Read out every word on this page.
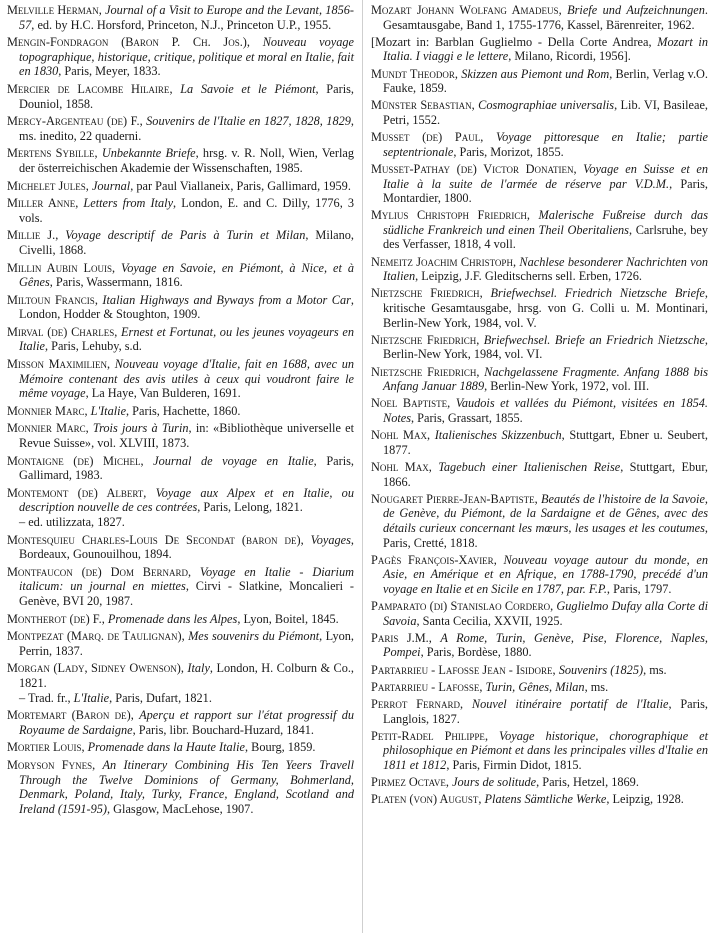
Melville Herman, Journal of a Visit to Europe and the Levant, 1856-57, ed. by H.C. Horsford, Princeton, N.J., Princeton U.P., 1955.
Mengin-Fondragon (Baron P. Ch. Jos.), Nouveau voyage topographique, historique, critique, politique et moral en Italie, fait en 1830, Paris, Meyer, 1833.
Mercier de Lacombe Hilaire, La Savoie et le Piémont, Paris, Douniol, 1858.
Mercy-Argenteau (de) F., Souvenirs de l'Italie en 1827, 1828, 1829, ms. inedito, 22 quaderni.
Mertens Sybille, Unbekannte Briefe, hrsg. v. R. Noll, Wien, Verlag der österreichischen Akademie der Wissenschaften, 1985.
Michelet Jules, Journal, par Paul Viallaneix, Paris, Gallimard, 1959.
Miller Anne, Letters from Italy, London, E. and C. Dilly, 1776, 3 vols.
Millie J., Voyage descriptif de Paris à Turin et Milan, Milano, Civelli, 1868.
Millin Aubin Louis, Voyage en Savoie, en Piémont, à Nice, et à Gênes, Paris, Wassermann, 1816.
Miltoun Francis, Italian Highways and Byways from a Motor Car, London, Hodder & Stoughton, 1909.
Mirval (de) Charles, Ernest et Fortunat, ou les jeunes voyageurs en Italie, Paris, Lehuby, s.d.
Misson Maximilien, Nouveau voyage d'Italie, fait en 1688, avec un Mémoire contenant des avis utiles à ceux qui voudront faire le même voyage, La Haye, Van Bulderen, 1691.
Monnier Marc, L'Italie, Paris, Hachette, 1860.
Monnier Marc, Trois jours à Turin, in: «Bibliothèque universelle et Revue Suisse», vol. XLVIII, 1873.
Montaigne (de) Michel, Journal de voyage en Italie, Paris, Gallimard, 1983.
Montemont (de) Albert, Voyage aux Alpex et en Italie, ou description nouvelle de ces contrées, Paris, Lelong, 1821.
– ed. utilizzata, 1827.
Montesquieu Charles-Louis De Secondat (baron de), Voyages, Bordeaux, Gounouilhou, 1894.
Montfaucon (de) Dom Bernard, Voyage en Italie - Diarium italicum: un journal en miettes, Cirvi - Slatkine, Moncalieri - Genève, BVI 20, 1987.
Montherot (de) F., Promenade dans les Alpes, Lyon, Boitel, 1845.
Montpezat (Marq. de Taulignan), Mes souvenirs du Piémont, Lyon, Perrin, 1837.
Morgan (Lady, Sidney Owenson), Italy, London, H. Colburn & Co., 1821.
– Trad. fr., L'Italie, Paris, Dufart, 1821.
Mortemart (Baron de), Aperçu et rapport sur l'état progressif du Royaume de Sardaigne, Paris, libr. Bouchard-Huzard, 1841.
Mortier Louis, Promenade dans la Haute Italie, Bourg, 1859.
Moryson Fynes, An Itinerary Combining His Ten Yeers Travell Through the Twelve Dominions of Germany, Bohmerland, Denmark, Poland, Italy, Turky, France, England, Scotland and Ireland (1591-95), Glasgow, MacLehose, 1907.
Mozart Johann Wolfang Amadeus, Briefe und Aufzeichnungen. Gesamtausgabe, Band 1, 1755-1776, Kassel, Bärenreiter, 1962.
[Mozart in: Barblan Guglielmo - Della Corte Andrea, Mozart in Italia. I viaggi e le lettere, Milano, Ricordi, 1956].
Mundt Theodor, Skizzen aus Piemont und Rom, Berlin, Verlag v.O. Fauke, 1859.
Münster Sebastian, Cosmographiae universalis, Lib. VI, Basileae, Petri, 1552.
Musset (de) Paul, Voyage pittoresque en Italie; partie septentrionale, Paris, Morizot, 1855.
Musset-Pathay (de) Victor Donatien, Voyage en Suisse et en Italie à la suite de l'armée de réserve par V.D.M., Paris, Montardier, 1800.
Mylius Christoph Friedrich, Malerische Fußreise durch das südliche Frankreich und einen Theil Oberitaliens, Carlsruhe, bey des Verfasser, 1818, 4 voll.
Nemeitz Joachim Christoph, Nachlese besonderer Nachrichten von Italien, Leipzig, J.F. Gleditscherns sell. Erben, 1726.
Nietzsche Friedrich, Briefwechsel. Friedrich Nietzsche Briefe, kritische Gesamtausgabe, hrsg. von G. Colli u. M. Montinari, Berlin-New York, 1984, vol. V.
Nietzsche Friedrich, Briefwechsel. Briefe an Friedrich Nietzsche, Berlin-New York, 1984, vol. VI.
Nietzsche Friedrich, Nachgelassene Fragmente. Anfang 1888 bis Anfang Januar 1889, Berlin-New York, 1972, vol. III.
Noel Baptiste, Vaudois et vallées du Piémont, visitées en 1854. Notes, Paris, Grassart, 1855.
Nohl Max, Italienisches Skizzenbuch, Stuttgart, Ebner u. Seubert, 1877.
Nohl Max, Tagebuch einer Italienischen Reise, Stuttgart, Ebur, 1866.
Nougaret Pierre-Jean-Baptiste, Beautés de l'histoire de la Savoie, de Genève, du Piémont, de la Sardaigne et de Gênes, avec des détails curieux concernant les mœurs, les usages et les coutumes, Paris, Cretté, 1818.
Pagès François-Xavier, Nouveau voyage autour du monde, en Asie, en Amérique et en Afrique, en 1788-1790, precédé d'un voyage en Italie et en Sicile en 1787, par. F.P., Paris, 1797.
Pamparato (di) Stanislao Cordero, Guglielmo Dufay alla Corte di Savoia, Santa Cecilia, XXVII, 1925.
Paris J.M., A Rome, Turin, Genève, Pise, Florence, Naples, Pompei, Paris, Bordèse, 1880.
Partarrieu - Lafosse Jean - Isidore, Souvenirs (1825), ms.
Partarrieu - Lafosse, Turin, Gênes, Milan, ms.
Perrot Fernard, Nouvel itinéraire portatif de l'Italie, Paris, Langlois, 1827.
Petit-Radel Philippe, Voyage historique, chorographique et philosophique en Piémont et dans les principales villes d'Italie en 1811 et 1812, Paris, Firmin Didot, 1815.
Pirmez Octave, Jours de solitude, Paris, Hetzel, 1869.
Platen (von) August, Platens Sämtliche Werke, Leipzig, 1928.
